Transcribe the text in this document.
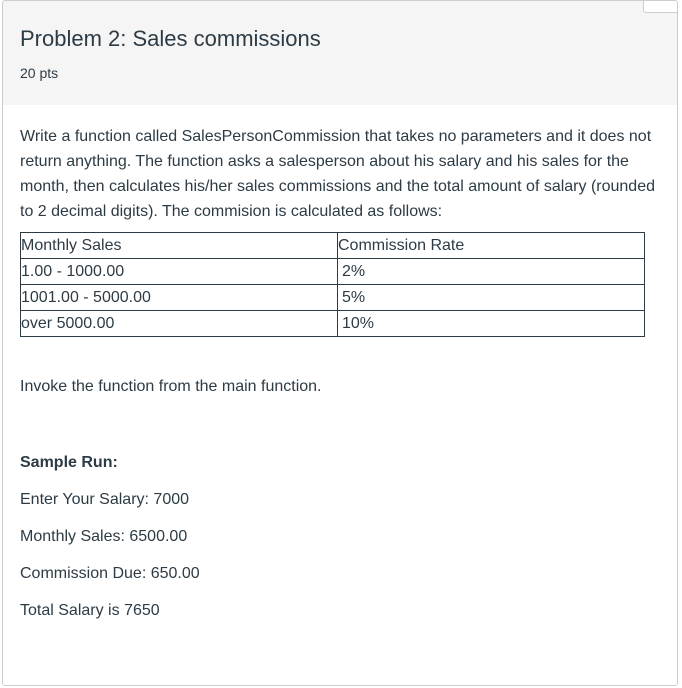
Problem 2: Sales commissions
20 pts

Write a function called SalesPersonCommission that takes no parameters and it does not return anything. The function asks a salesperson about his salary and his sales for the month, then calculates his/her sales commissions and the total amount of salary (rounded to 2 decimal digits). The commision is calculated as follows:

Monthly Sales	Commission Rate
1.00 - 1000.00	2%
1001.00 - 5000.00	5%
over 5000.00	10%

Invoke the function from the main function.

Sample Run:

Enter Your Salary: 7000

Monthly Sales: 6500.00

Commission Due: 650.00

Total Salary is 7650
